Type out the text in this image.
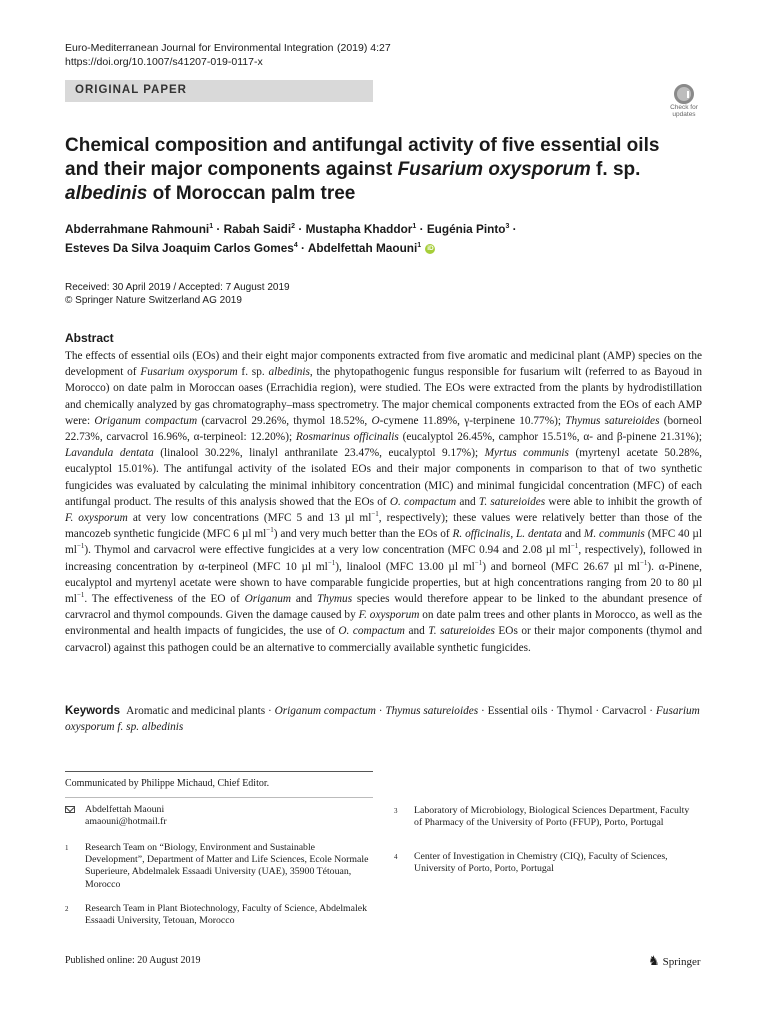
Euro-Mediterranean Journal for Environmental Integration (2019) 4:27
https://doi.org/10.1007/s41207-019-0117-x
ORIGINAL PAPER
Check for updates
Chemical composition and antifungal activity of five essential oils and their major components against Fusarium oxysporum f. sp. albedinis of Moroccan palm tree
Abderrahmane Rahmouni$^1$ · Rabah Saidi$^2$ · Mustapha Khaddor$^1$ · Eugénia Pinto$^3$ ·
Esteves Da Silva Joaquim Carlos Gomes$^4$ · Abdelfettah Maouni$^1$ iD
Received: 30 April 2019 / Accepted: 7 August 2019
© Springer Nature Switzerland AG 2019
Abstract
The effects of essential oils (EOs) and their eight major components extracted from five aromatic and medicinal plant (AMP) species on the development of Fusarium oxysporum f. sp. albedinis, the phytopathogenic fungus responsible for fusarium wilt (referred to as Bayoud in Morocco) on date palm in Moroccan oases (Errachidia region), were studied. The EOs were extracted from the plants by hydrodistillation and chemically analyzed by gas chromatography–mass spectrometry. The major chemical components extracted from the EOs of each AMP were: Origanum compactum (carvacrol 29.26%, thymol 18.52%, O-cymene 11.89%, γ-terpinene 10.77%); Thymus satureioides (borneol 22.73%, carvacrol 16.96%, α-terpineol: 12.20%); Rosmarinus officinalis (eucalyptol 26.45%, camphor 15.51%, α- and β-pinene 21.31%); Lavandula dentata (linalool 30.22%, linalyl anthranilate 23.47%, eucalyptol 9.17%); Myrtus communis (myrtenyl acetate 50.28%, eucalyptol 15.01%). The antifungal activity of the isolated EOs and their major components in comparison to that of two synthetic fungicides was evaluated by calculating the minimal inhibitory concentration (MIC) and minimal fungicidal concentration (MFC) of each antifungal product. The results of this analysis showed that the EOs of O. compactum and T. satureioides were able to inhibit the growth of F. oxysporum at very low concentrations (MFC 5 and 13 µl $ml^{-1}$, respectively); these values were relatively better than those of the mancozeb synthetic fungicide (MFC 6 µl $ml^{-1}$) and very much better than the EOs of R. officinalis, L. dentata and M. communis (MFC 40 µl $ml^{-1}$). Thymol and carvacrol were effective fungicides at a very low concentration (MFC 0.94 and 2.08 µl $ml^{-1}$, respectively), followed in increasing concentration by α-terpineol (MFC 10 µl $ml^{-1}$), linalool (MFC 13.00 µl $ml^{-1}$) and borneol (MFC 26.67 µl $ml^{-1}$). α-Pinene, eucalyptol and myrtenyl acetate were shown to have comparable fungicide properties, but at high concentrations ranging from 20 to 80 µl $ml^{-1}$. The effectiveness of the EO of Origanum and Thymus species would therefore appear to be linked to the abundant presence of carvracrol and thymol compounds. Given the damage caused by F. oxysporum on date palm trees and other plants in Morocco, as well as the environmental and health impacts of fungicides, the use of O. compactum and T. satureioides EOs or their major components (thymol and carvacrol) against this pathogen could be an alternative to commercially available synthetic fungicides.
Keywords Aromatic and medicinal plants · Origanum compactum · Thymus satureioides · Essential oils · Thymol · Carvacrol · Fusarium oxysporum f. sp. albedinis
Communicated by Philippe Michaud, Chief Editor.
Abdelfettah Maouni
amaouni@hotmail.fr
1 Research Team on “Biology, Environment and Sustainable Development”, Department of Matter and Life Sciences, Ecole Normale Superieure, Abdelmalek Essaadi University (UAE), 35900 Tétouan, Morocco
2 Research Team in Plant Biotechnology, Faculty of Science, Abdelmalek Essaadi University, Tetouan, Morocco
3 Laboratory of Microbiology, Biological Sciences Department, Faculty of Pharmacy of the University of Porto (FFUP), Porto, Portugal
4 Center of Investigation in Chemistry (CIQ), Faculty of Sciences, University of Porto, Porto, Portugal
Published online: 20 August 2019	♞ Springer
